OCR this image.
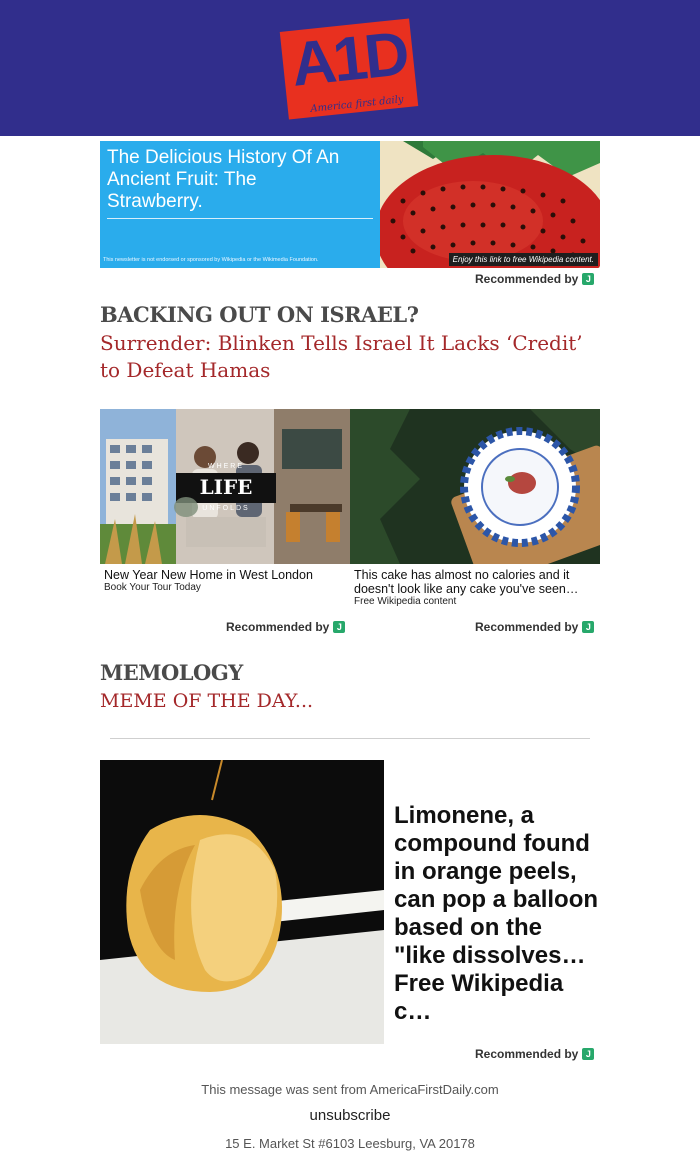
A1D
America first daily
Enjoy this link to free Wikipedia content.
The Delicious History Of An Ancient Fruit: The Strawberry.
This newsletter is not endorsed or sponsored by Wikipedia or the Wikimedia Foundation.
Recommended by J
BACKING OUT ON ISRAEL?
Surrender: Blinken Tells Israel It Lacks ‘Credit’ to Defeat Hamas
WHERE
LIFE
UNFOLDS
New Year New Home in West London
Book Your Tour Today
Recommended by J
This cake has almost no calories and it doesn't look like any cake you've seen…
Free Wikipedia content
Recommended by J
MEMOLOGY
MEME OF THE DAY...
Limonene, a compound found in orange peels, can pop a balloon based on the "like dissolves… Free Wikipedia c…
Recommended by J
This message was sent from AmericaFirstDaily.com
unsubscribe
15 E. Market St #6103 Leesburg, VA 20178
